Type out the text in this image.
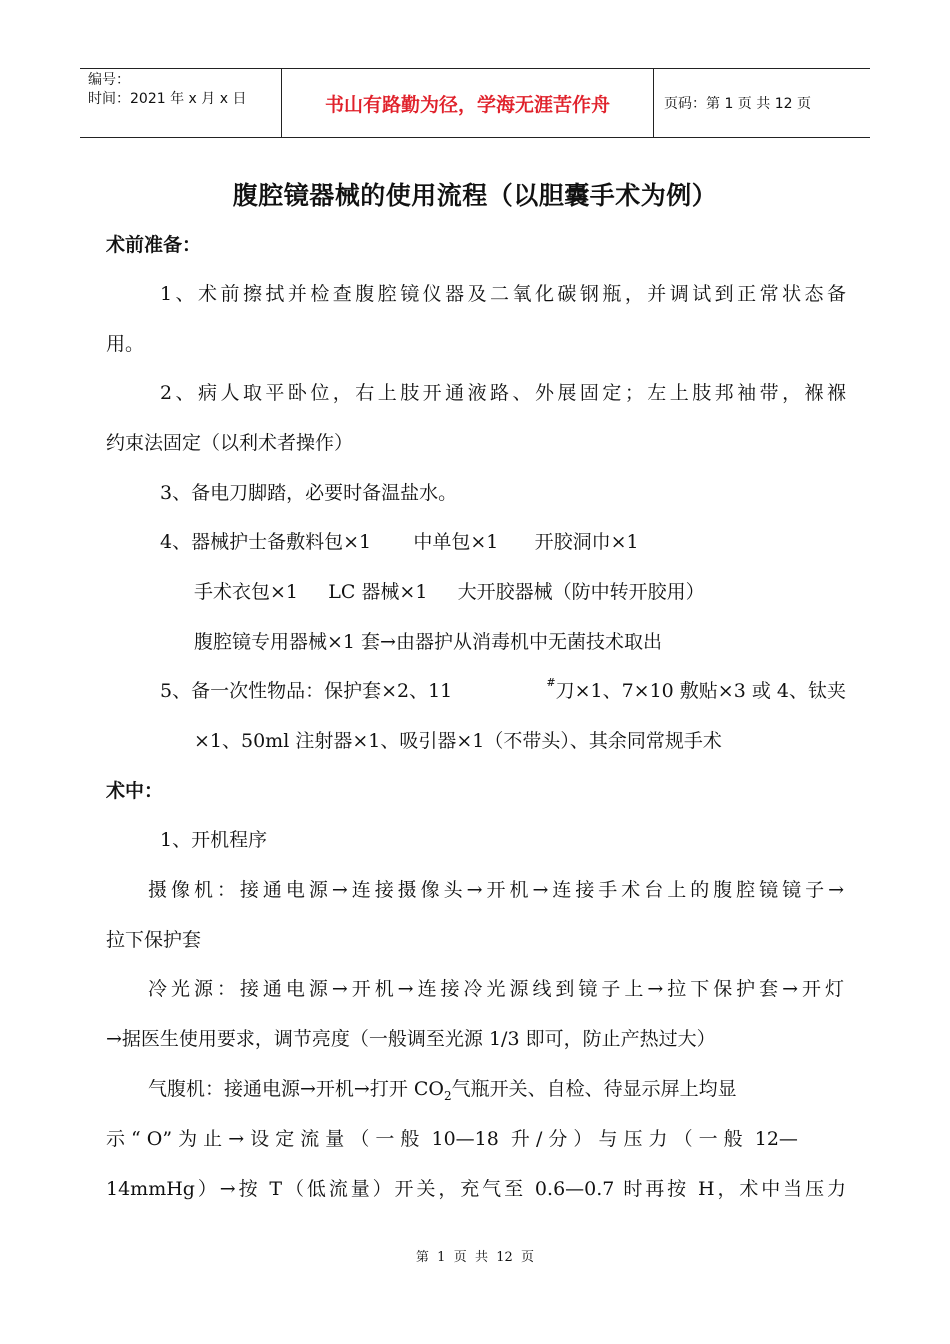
编号：
时间：2021 年 x 月 x 日	书山有路勤为径，学海无涯苦作舟	页码：第 1 页 共 12 页
腹腔镜器械的使用流程（以胆囊手术为例）
术前准备：
1、术前擦拭并检查腹腔镜仪器及二氧化碳钢瓶，并调试到正常状态备
用。
2、病人取平卧位，右上肢开通液路、外展固定；左上肢邦袖带，褓褓
约束法固定（以利术者操作）
3、备电刀脚踏，必要时备温盐水。
4、器械护士备敷料包×1       中单包×1      开胶洞巾×1
手术衣包×1     LC 器械×1     大开胶器械（防中转开胶用）
腹腔镜专用器械×1 套→由器护从消毒机中无菌技术取出
5、备一次性物品：保护套×2、11	# 刀×1、7×10 敷贴×3 或 4、钛夹
×1、50ml 注射器×1、吸引器×1（不带头）、其余同常规手术
术中：
1、开机程序
摄像机：接通电源→连接摄像头→开机→连接手术台上的腹腔镜镜子→
拉下保护套
冷光源：接通电源→开机→连接冷光源线到镜子上→拉下保护套→开灯
→据医生使用要求，调节亮度（一般调至光源 1/3 即可，防止产热过大）
气腹机：接通电源→开机→打开 $CO_2$气瓶开关、自检、待显示屏上均显
示 “ O” 为 止 → 设 定 流 量 （ 一 般  10—18  升 / 分 ） 与 压 力 （ 一 般  12—
14mmHg）→按 T（低流量）开关，充气至 0.6—0.7 时再按 H，术中当压力
第  1  页  共  12  页
